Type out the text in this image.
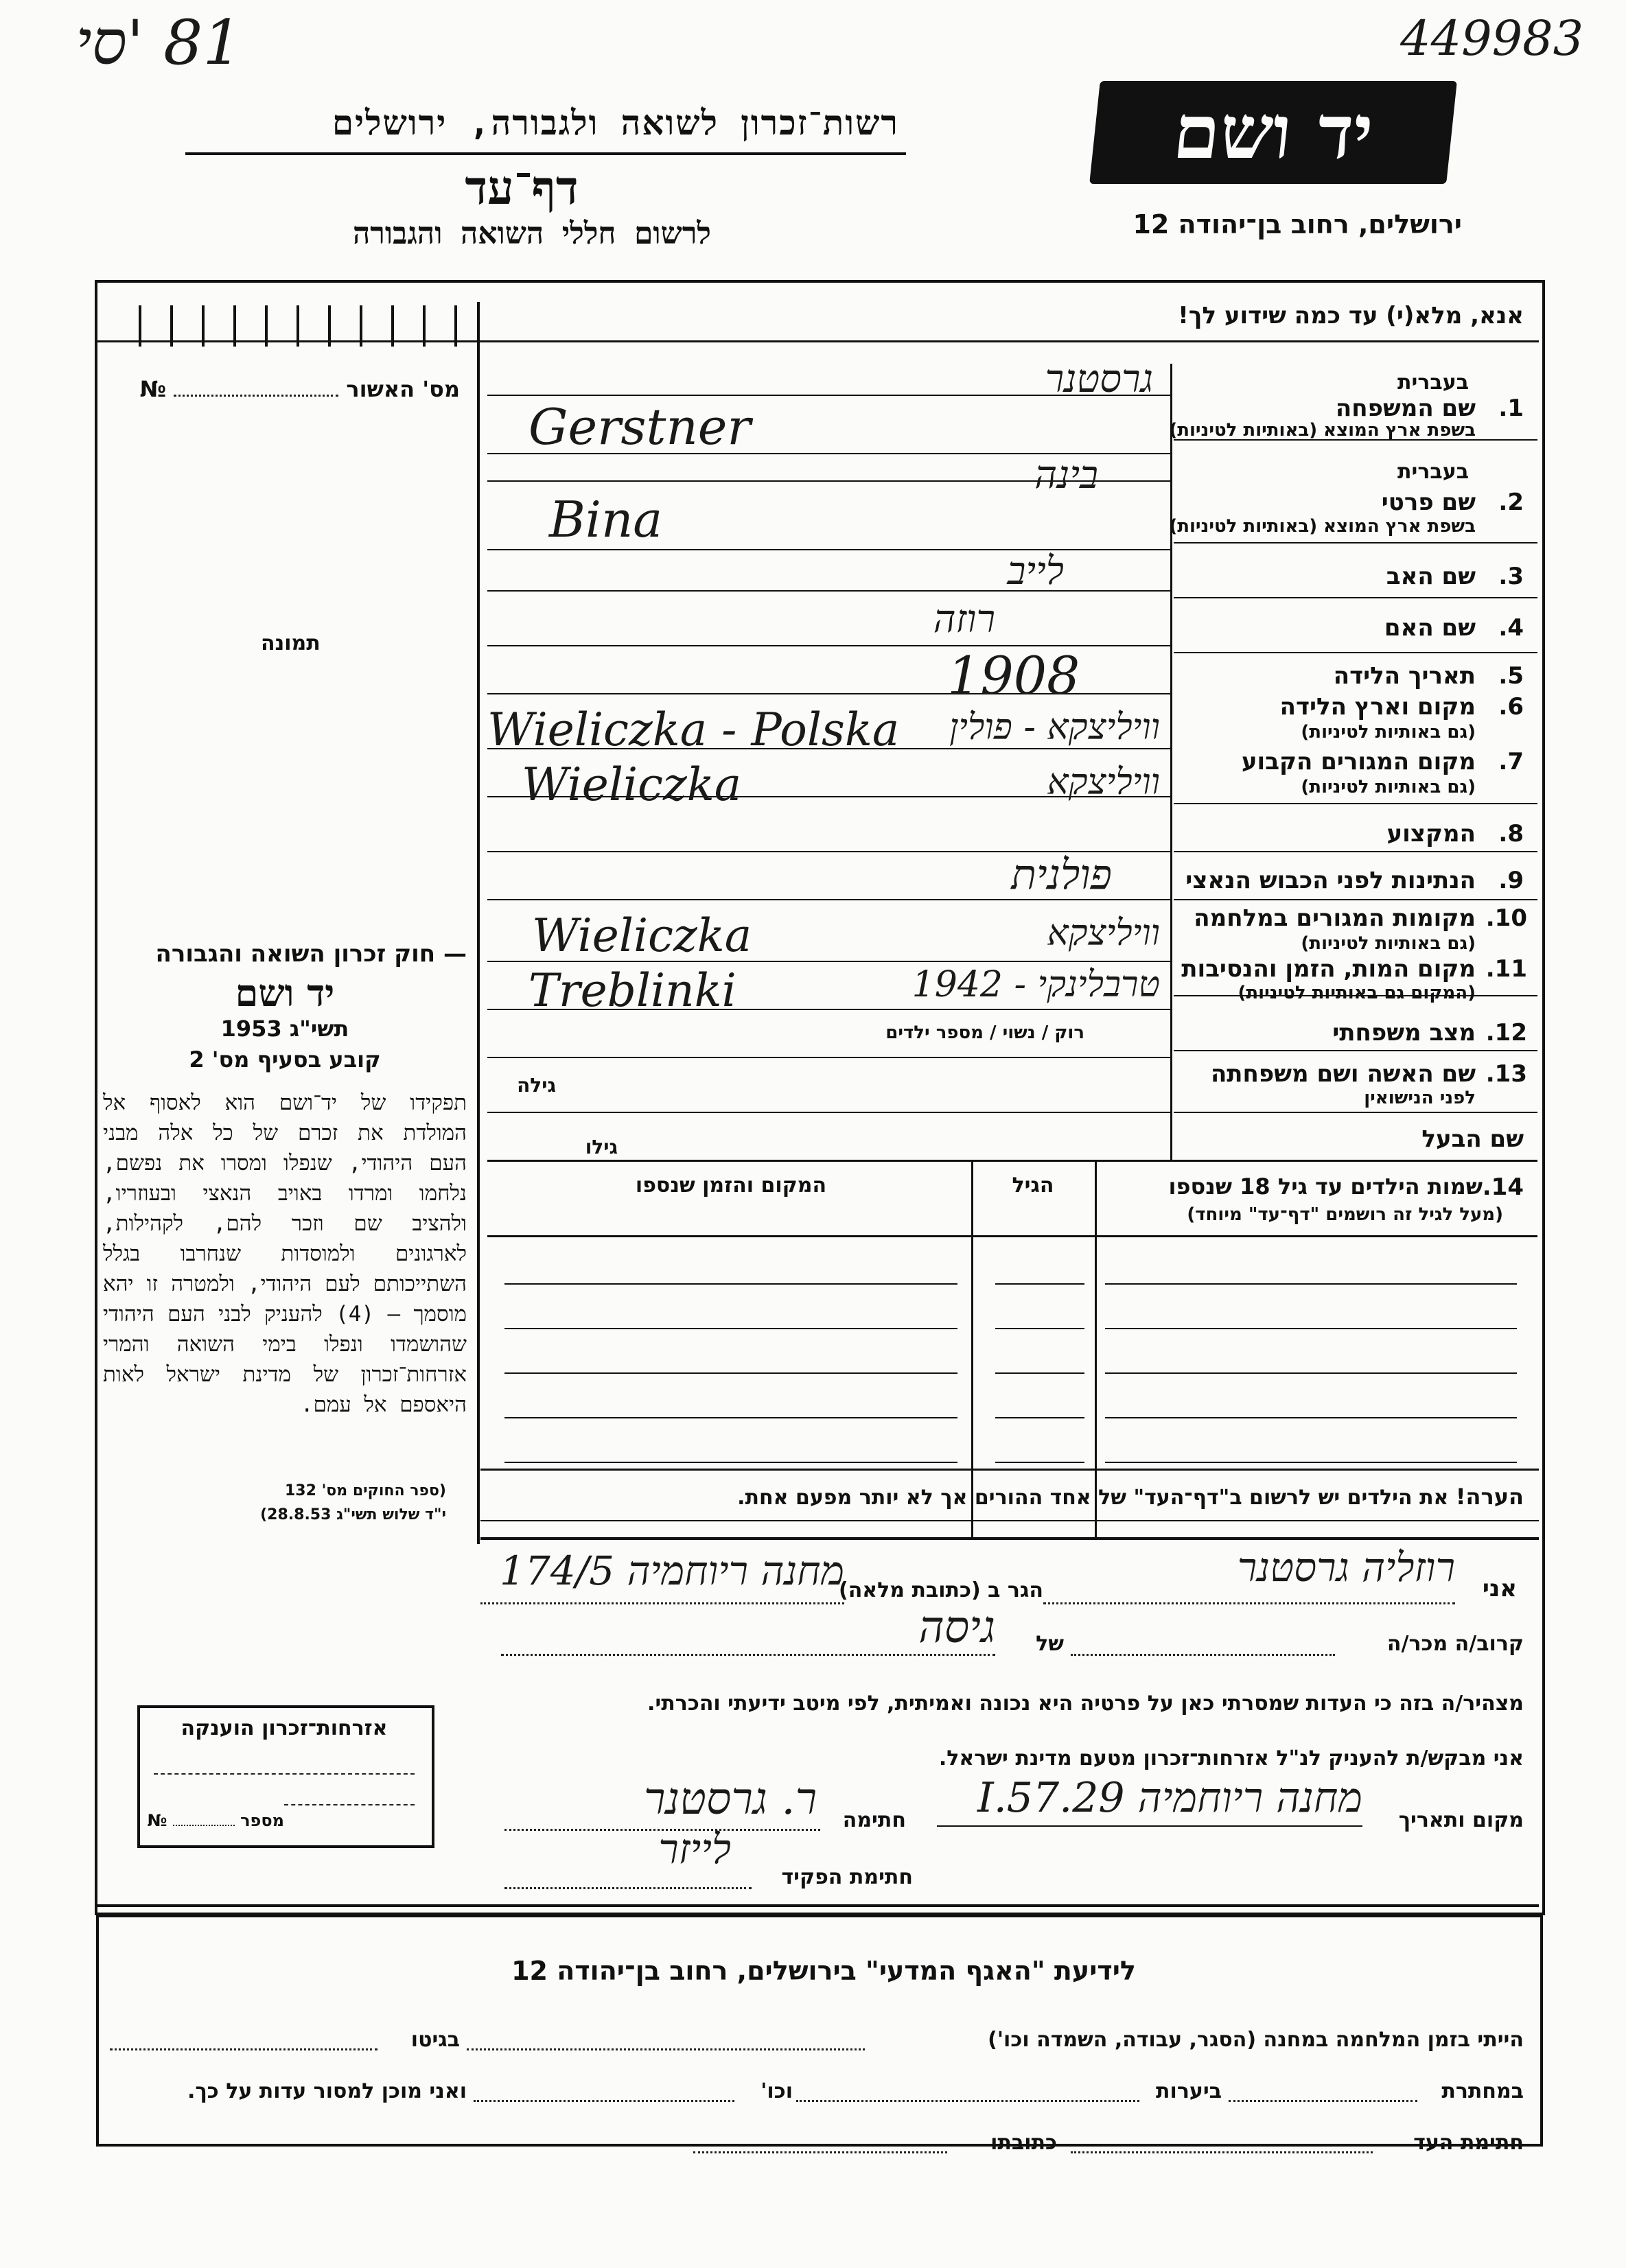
81 'סי	449983
רשות־זכרון לשואה ולגבורה, ירושלים
דף־עד
לרשום חללי השואה והגבורה
יד ושם
ירושלים, רחוב בן־יהודה 12
אנא, מלא(י) עד כמה שידוע לך!
מס' האשור  №
תמונה
בעברית
1.
שם המשפחה
בשפת ארץ המוצא (באותיות לטיניות)
גרסטנר
Gerstner
בעברית
2.
שם פרטי
בשפת ארץ המוצא (באותיות לטיניות)
בינה
Bina
3.
שם האב
לייב
4.
שם האם
רוזה
5.
תאריך הלידה
1908
6.
מקום וארץ הלידה
(גם באותיות לטיניות)
וויליצקא - פולין
Wieliczka - Polska
7.
מקום המגורים הקבוע
(גם באותיות לטיניות)
וויליצקא
Wieliczka
8.
המקצוע
9.
הנתינות לפני הכבוש הנאצי
פולנית
10.
מקומות המגורים במלחמה
(גם באותיות לטיניות)
וויליצקא
Wieliczka
11.
מקום המות, הזמן והנסיבות
(המקום גם באותיות לטיניות)
טרבלינקי - 1942
Treblinki
12.
מצב משפחתי
רוק / נשוי / מספר ילדים
13.
שם האשה ושם משפחתה
לפני הנישואין
גילה
שם הבעל
גילו
14.
שמות הילדים עד גיל 18 שנספו
(מעל לגיל זה רושמים "דף־עד" מיוחד)
הגיל
המקום והזמן שנספו
— חוק זכרון השואה והגבורה
יד ושם
תשי"ג 1953
קובע בסעיף מס' 2
תפקידו של יד־ושם הוא לאסוף אל המולדת את זכרם של כל אלה מבני העם היהודי, שנפלו ומסרו את נפשם, נלחמו ומרדו באויב הנאצי ובעוזריו, ולהציב שם וזכר להם, לקהילות, לארגונים ולמוסדות שנחרבו בגלל השתייכותם לעם היהודי, ולמטרה זו יהא מוסמך — (4) להעניק לבני העם היהודי שהושמדו ונפלו בימי השואה והמרי אזרחות־זכרון של מדינת ישראל לאות היאספם אל עמם.
(ספר החוקים מס' 132
י"ד שלוש תשי"ג 28.8.53)
הערה! את הילדים יש לרשום ב"דף־העד" של אחד ההורים אך לא יותר מפעם אחת.
אני
רוזליה גרסטנר
הגר ב (כתובת מלאה)
מחנה ריוחמיה 174/5
קרוב/ה מכר/ה
של
גיסה
מצהיר/ה בזה כי העדות שמסרתי כאן על פרטיה היא נכונה ואמיתית, לפי מיטב ידיעתי והכרתי.
אני מבקש/ת להעניק לנ"ל אזרחות־זכרון מטעם מדינת ישראל.
מקום ותאריך
מחנה ריוחמיה 29.I.57
חתימה
ר. גרסטנר
חתימת הפקיד
לייזר
אזרחות־זכרון הוענקה
מספר  №
לידיעת "האגף המדעי" בירושלים, רחוב בן־יהודה 12
הייתי בזמן המלחמה במחנה (הסגר, עבודה, השמדה וכו')
בגיטו
במחתרת
ביערות
וכו'
ואני מוכן למסור עדות על כך.
חתימת העד
כתובתו
